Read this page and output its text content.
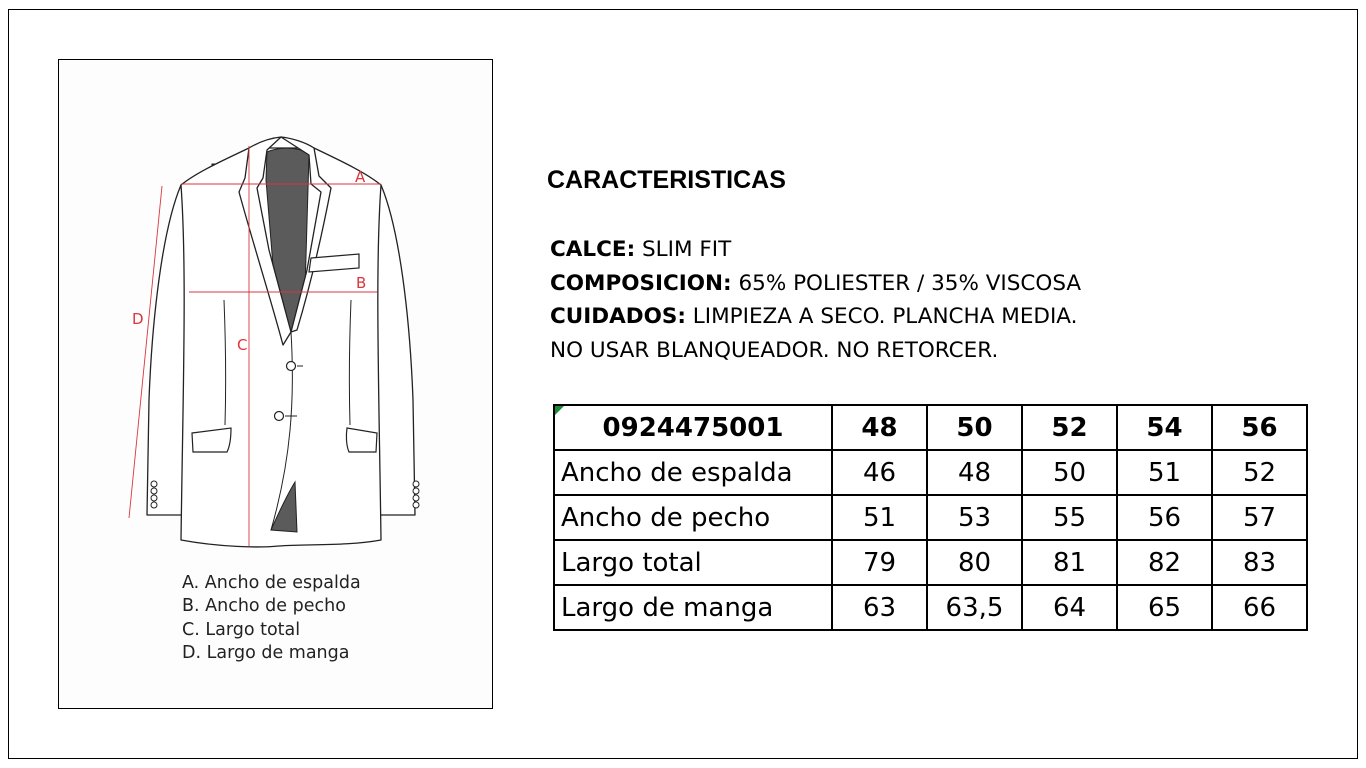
A
B
C
D
A. Ancho de espalda
B. Ancho de pecho
C. Largo total
D. Largo de manga
CARACTERISTICAS
CALCE: SLIM FIT
COMPOSICION: 65% POLIESTER / 35% VISCOSA
CUIDADOS: LIMPIEZA A SECO. PLANCHA MEDIA.
NO USAR BLANQUEADOR. NO RETORCER.
0924475001	48	50	52	54	56
Ancho de espalda	46	48	50	51	52
Ancho de pecho	51	53	55	56	57
Largo total	79	80	81	82	83
Largo de manga	63	63,5	64	65	66
